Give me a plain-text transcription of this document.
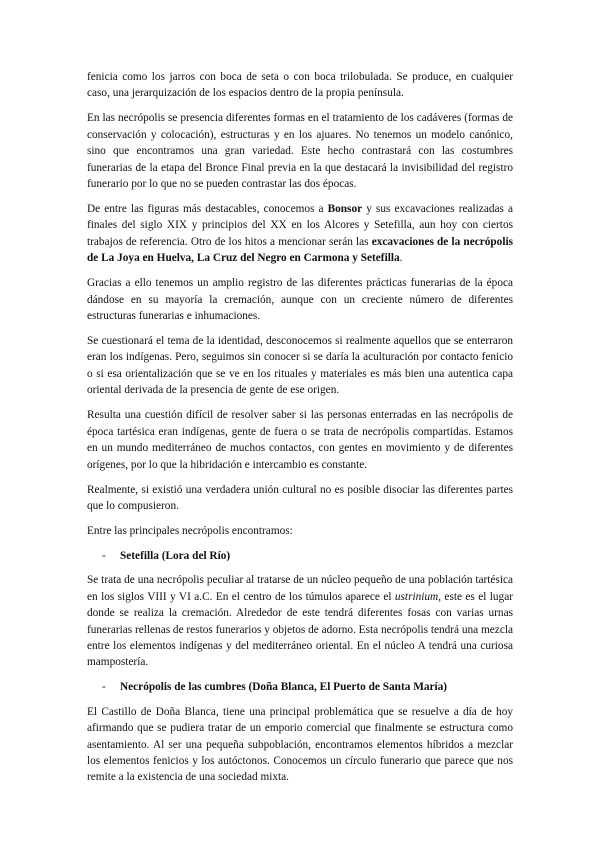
fenicia como los jarros con boca de seta o con boca trilobulada. Se produce, en cualquier caso, una jerarquización de los espacios dentro de la propia península.

En las necrópolis se presencia diferentes formas en el tratamiento de los cadáveres (formas de conservación y colocación), estructuras y en los ajuares. No tenemos un modelo canónico, sino que encontramos una gran variedad. Este hecho contrastará con las costumbres funerarias de la etapa del Bronce Final previa en la que destacará la invisibilidad del registro funerario por lo que no se pueden contrastar las dos épocas.

De entre las figuras más destacables, conocemos a Bonsor y sus excavaciones realizadas a finales del siglo XIX y principios del XX en los Alcores y Setefilla, aun hoy con ciertos trabajos de referencia. Otro de los hitos a mencionar serán las excavaciones de la necrópolis de La Joya en Huelva, La Cruz del Negro en Carmona y Setefilla.

Gracias a ello tenemos un amplio registro de las diferentes prácticas funerarias de la época dándose en su mayoría la cremación, aunque con un creciente número de diferentes estructuras funerarias e inhumaciones.

Se cuestionará el tema de la identidad, desconocemos si realmente aquellos que se enterraron eran los indígenas. Pero, seguimos sin conocer si se daría la aculturación por contacto fenicio o si esa orientalización que se ve en los rituales y materiales es más bien una autentica capa oriental derivada de la presencia de gente de ese origen.

Resulta una cuestión difícil de resolver saber si las personas enterradas en las necrópolis de época tartésica eran indígenas, gente de fuera o se trata de necrópolis compartidas. Estamos en un mundo mediterráneo de muchos contactos, con gentes en movimiento y de diferentes orígenes, por lo que la hibridación e intercambio es constante.

Realmente, si existió una verdadera unión cultural no es posible disociar las diferentes partes que lo compusieron.

Entre las principales necrópolis encontramos:

- Setefilla (Lora del Río)

Se trata de una necrópolis peculiar al tratarse de un núcleo pequeño de una población tartésica en los siglos VIII y VI a.C. En el centro de los túmulos aparece el ustrinium, este es el lugar donde se realiza la cremación. Alrededor de este tendrá diferentes fosas con varias urnas funerarias rellenas de restos funerarios y objetos de adorno. Esta necrópolis tendrá una mezcla entre los elementos indígenas y del mediterráneo oriental. En el núcleo A tendrá una curiosa mampostería.

- Necrópolis de las cumbres (Doña Blanca, El Puerto de Santa María)

El Castillo de Doña Blanca, tiene una principal problemática que se resuelve a día de hoy afirmando que se pudiera tratar de un emporio comercial que finalmente se estructura como asentamiento. Al ser una pequeña subpoblación, encontramos elementos híbridos a mezclar los elementos fenicios y los autóctonos. Conocemos un círculo funerario que parece que nos remite a la existencia de una sociedad mixta.
